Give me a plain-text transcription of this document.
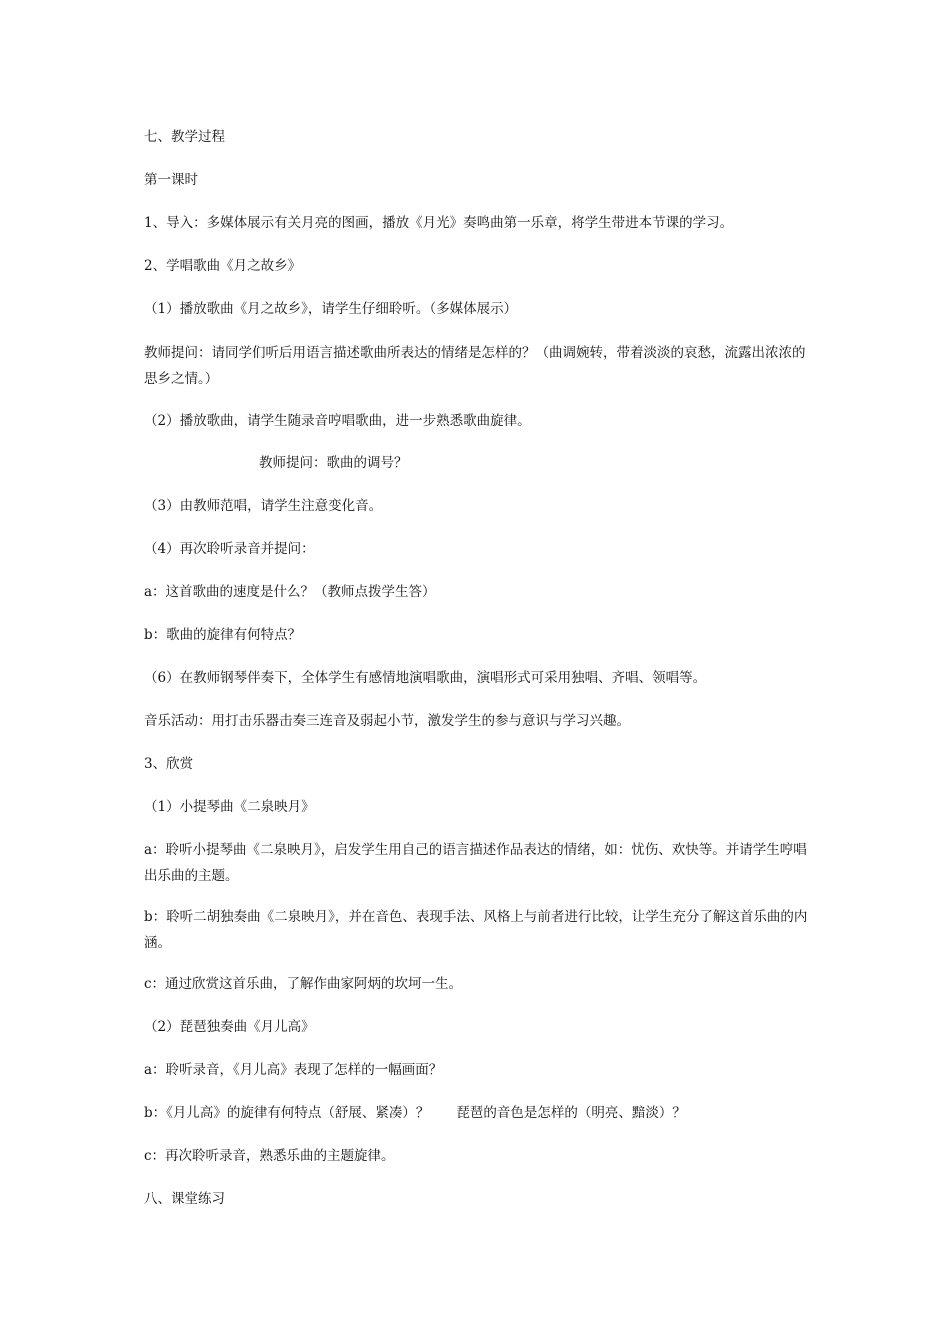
七、教学过程
第一课时
1、导入：多媒体展示有关月亮的图画，播放《月光》奏鸣曲第一乐章，将学生带进本节课的学习。
2、学唱歌曲《月之故乡》
（1）播放歌曲《月之故乡》，请学生仔细聆听。（多媒体展示）
教师提问：请同学们听后用语言描述歌曲所表达的情绪是怎样的？（曲调婉转，带着淡淡的哀愁，流露出浓浓的思乡之情。）
（2）播放歌曲，请学生随录音哼唱歌曲，进一步熟悉歌曲旋律。
教师提问：歌曲的调号？
（3）由教师范唱，请学生注意变化音。
（4）再次聆听录音并提问：
a：这首歌曲的速度是什么？（教师点拨学生答）
b：歌曲的旋律有何特点？
（6）在教师钢琴伴奏下，全体学生有感情地演唱歌曲，演唱形式可采用独唱、齐唱、领唱等。
音乐活动：用打击乐器击奏三连音及弱起小节，激发学生的参与意识与学习兴趣。
3、欣赏
（1）小提琴曲《二泉映月》
a：聆听小提琴曲《二泉映月》，启发学生用自己的语言描述作品表达的情绪，如：忧伤、欢快等。并请学生哼唱出乐曲的主题。
b：聆听二胡独奏曲《二泉映月》，并在音色、表现手法、风格上与前者进行比较，让学生充分了解这首乐曲的内涵。
c：通过欣赏这首乐曲，了解作曲家阿炳的坎坷一生。
（2）琵琶独奏曲《月儿高》
a：聆听录音，《月儿高》表现了怎样的一幅画面？
b：《月儿高》的旋律有何特点（舒展、紧凑）？　　琵琶的音色是怎样的（明亮、黯淡）？
c：再次聆听录音，熟悉乐曲的主题旋律。
八、课堂练习
